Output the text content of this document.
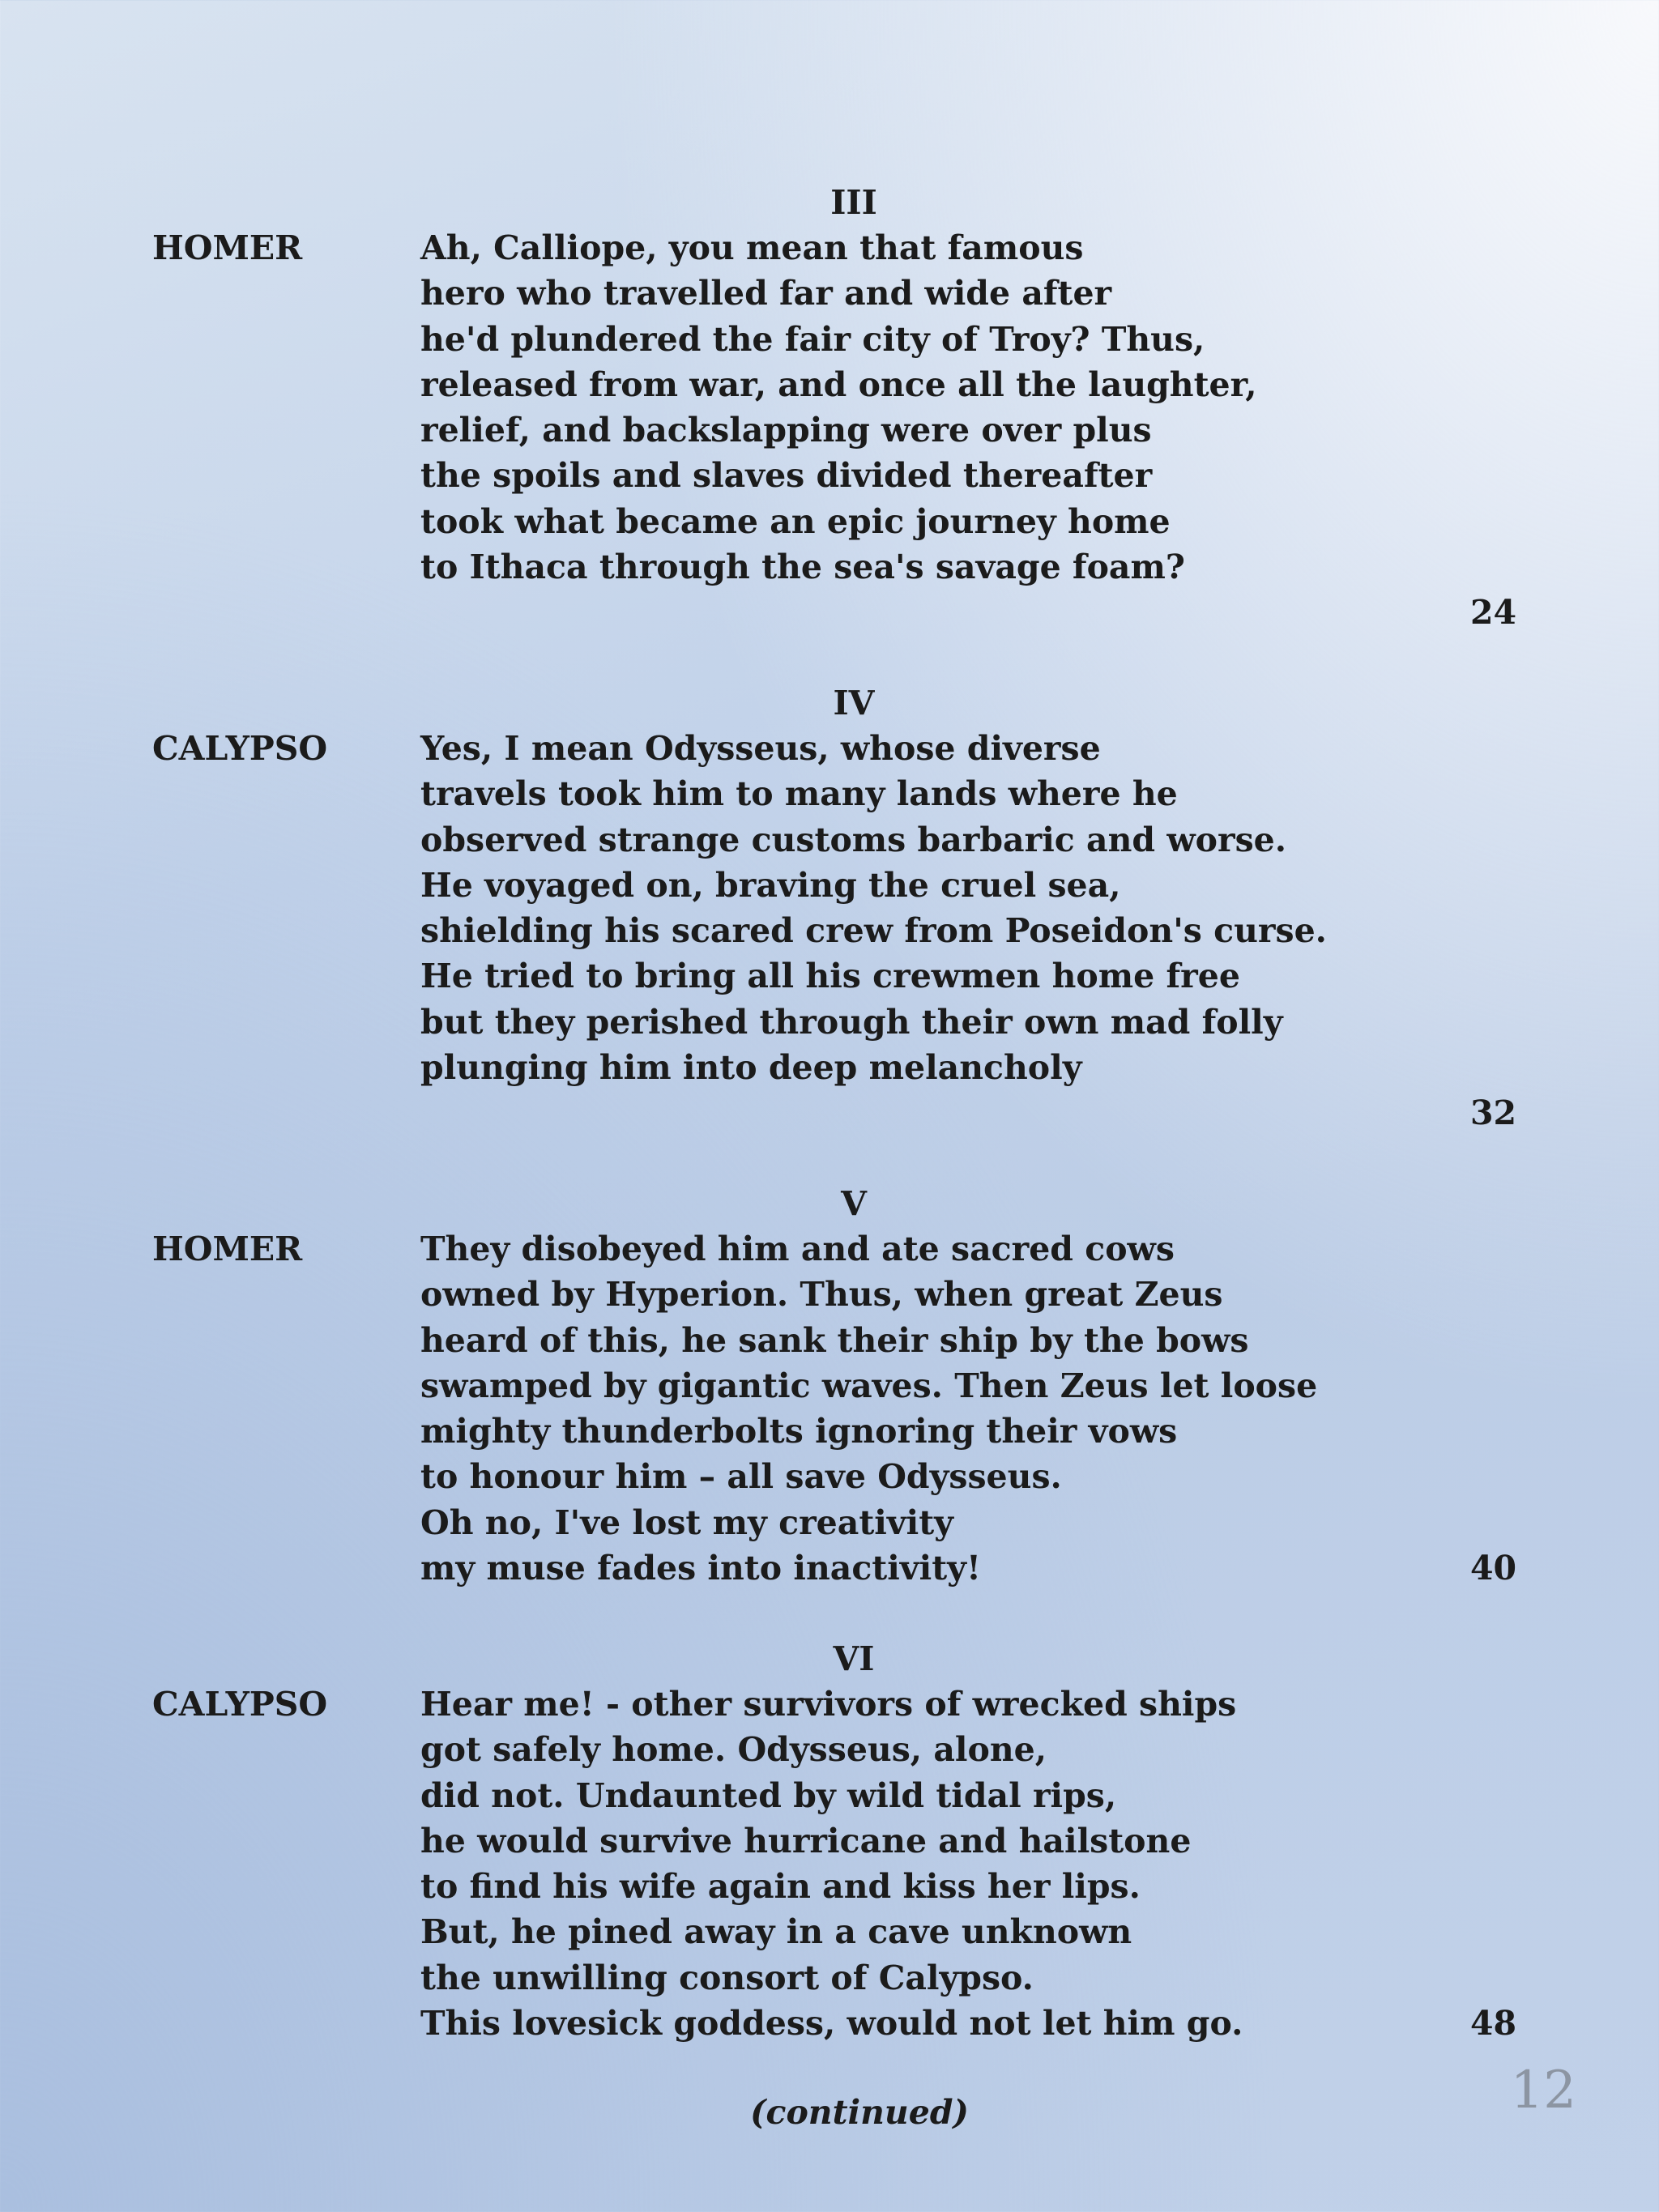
III
HOMER	Ah, Calliope, you mean that famous
hero who travelled far and wide after
he'd plundered the fair city of Troy? Thus,
released from war, and once all the laughter,
relief, and backslapping were over plus
the spoils and slaves divided thereafter
took what became an epic journey home
to Ithaca through the sea's savage foam?
24
IV
CALYPSO	Yes, I mean Odysseus, whose diverse
travels took him to many lands where he
observed strange customs barbaric and worse.
He voyaged on, braving the cruel sea,
shielding his scared crew from Poseidon's curse.
He tried to bring all his crewmen home free
but they perished through their own mad folly
plunging him into deep melancholy
32
V
HOMER	They disobeyed him and ate sacred cows
owned by Hyperion. Thus, when great Zeus
heard of this, he sank their ship by the bows
swamped by gigantic waves. Then Zeus let loose
mighty thunderbolts ignoring their vows
to honour him – all save Odysseus.
Oh no, I've lost my creativity
my muse fades into inactivity!	40
VI
CALYPSO	Hear me! - other survivors of wrecked ships
got safely home. Odysseus, alone,
did not. Undaunted by wild tidal rips,
he would survive hurricane and hailstone
to find his wife again and kiss her lips.
But, he pined away in a cave unknown
the unwilling consort of Calypso.
This lovesick goddess, would not let him go.	48
(continued)	12
